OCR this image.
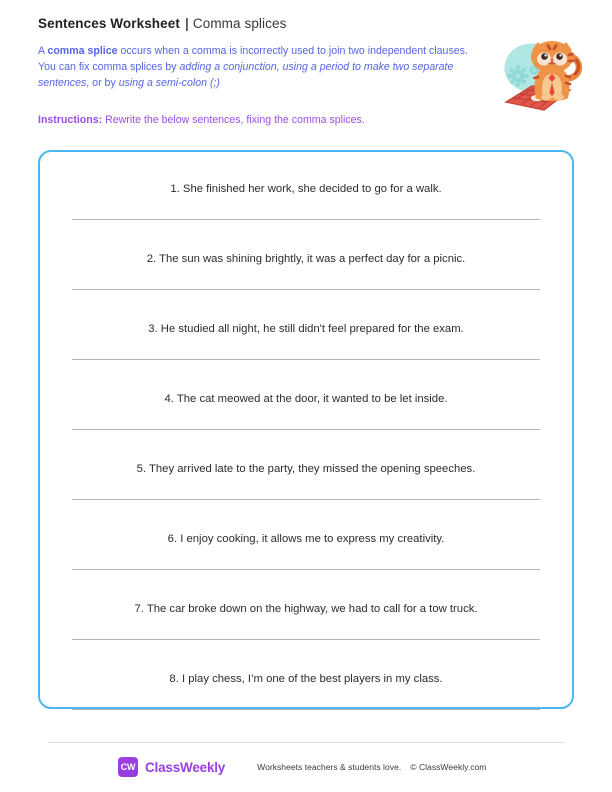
Sentences Worksheet | Comma splices
A comma splice occurs when a comma is incorrectly used to join two independent clauses. You can fix comma splices by adding a conjunction, using a period to make two separate sentences, or by using a semi-colon (;)
Instructions: Rewrite the below sentences, fixing the comma splices.
1. She finished her work, she decided to go for a walk.
2. The sun was shining brightly, it was a perfect day for a picnic.
3. He studied all night, he still didn't feel prepared for the exam.
4. The cat meowed at the door, it wanted to be let inside.
5. They arrived late to the party, they missed the opening speeches.
6. I enjoy cooking, it allows me to express my creativity.
7. The car broke down on the highway, we had to call for a tow truck.
8. I play chess, I’m one of the best players in my class.
CW ClassWeekly	Worksheets teachers & students love. © ClassWeekly.com
